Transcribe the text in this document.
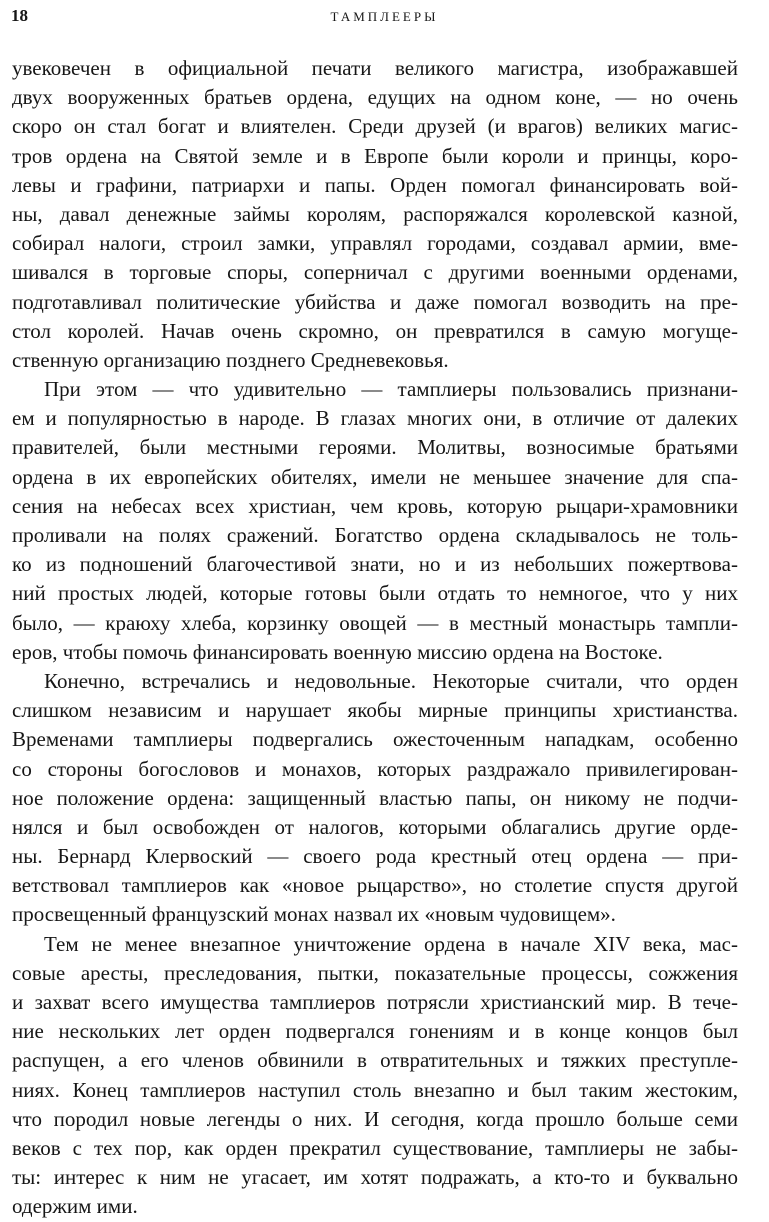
18	ТАМПЛЕЕРЫ
увековечен в официальной печати великого магистра, изображавшей
двух вооруженных братьев ордена, едущих на одном коне, — но очень
скоро он стал богат и влиятелен. Среди друзей (и врагов) великих магис-
тров ордена на Святой земле и в Европе были короли и принцы, коро-
левы и графини, патриархи и папы. Орден помогал финансировать вой-
ны, давал денежные займы королям, распоряжался королевской казной,
собирал налоги, строил замки, управлял городами, создавал армии, вме-
шивался в торговые споры, соперничал с другими военными орденами,
подготавливал политические убийства и даже помогал возводить на пре-
стол королей. Начав очень скромно, он превратился в самую могуще-
ственную организацию позднего Средневековья.
При этом — что удивительно — тамплиеры пользовались признани-
ем и популярностью в народе. В глазах многих они, в отличие от далеких
правителей, были местными героями. Молитвы, возносимые братьями
ордена в их европейских обителях, имели не меньшее значение для спа-
сения на небесах всех христиан, чем кровь, которую рыцари-храмовники
проливали на полях сражений. Богатство ордена складывалось не толь-
ко из подношений благочестивой знати, но и из небольших пожертвова-
ний простых людей, которые готовы были отдать то немногое, что у них
было, — краюху хлеба, корзинку овощей — в местный монастырь тампли-
еров, чтобы помочь финансировать военную миссию ордена на Востоке.
Конечно, встречались и недовольные. Некоторые считали, что орден
слишком независим и нарушает якобы мирные принципы христианства.
Временами тамплиеры подвергались ожесточенным нападкам, особенно
со стороны богословов и монахов, которых раздражало привилегирован-
ное положение ордена: защищенный властью папы, он никому не подчи-
нялся и был освобожден от налогов, которыми облагались другие орде-
ны. Бернард Клервоский — своего рода крестный отец ордена — при-
ветствовал тамплиеров как «новое рыцарство», но столетие спустя другой
просвещенный французский монах назвал их «новым чудовищем».
Тем не менее внезапное уничтожение ордена в начале XIV века, мас-
совые аресты, преследования, пытки, показательные процессы, сожжения
и захват всего имущества тамплиеров потрясли христианский мир. В тече-
ние нескольких лет орден подвергался гонениям и в конце концов был
распущен, а его членов обвинили в отвратительных и тяжких преступле-
ниях. Конец тамплиеров наступил столь внезапно и был таким жестоким,
что породил новые легенды о них. И сегодня, когда прошло больше семи
веков с тех пор, как орден прекратил существование, тамплиеры не забы-
ты: интерес к ним не угасает, им хотят подражать, а кто-то и буквально
одержим ими.
